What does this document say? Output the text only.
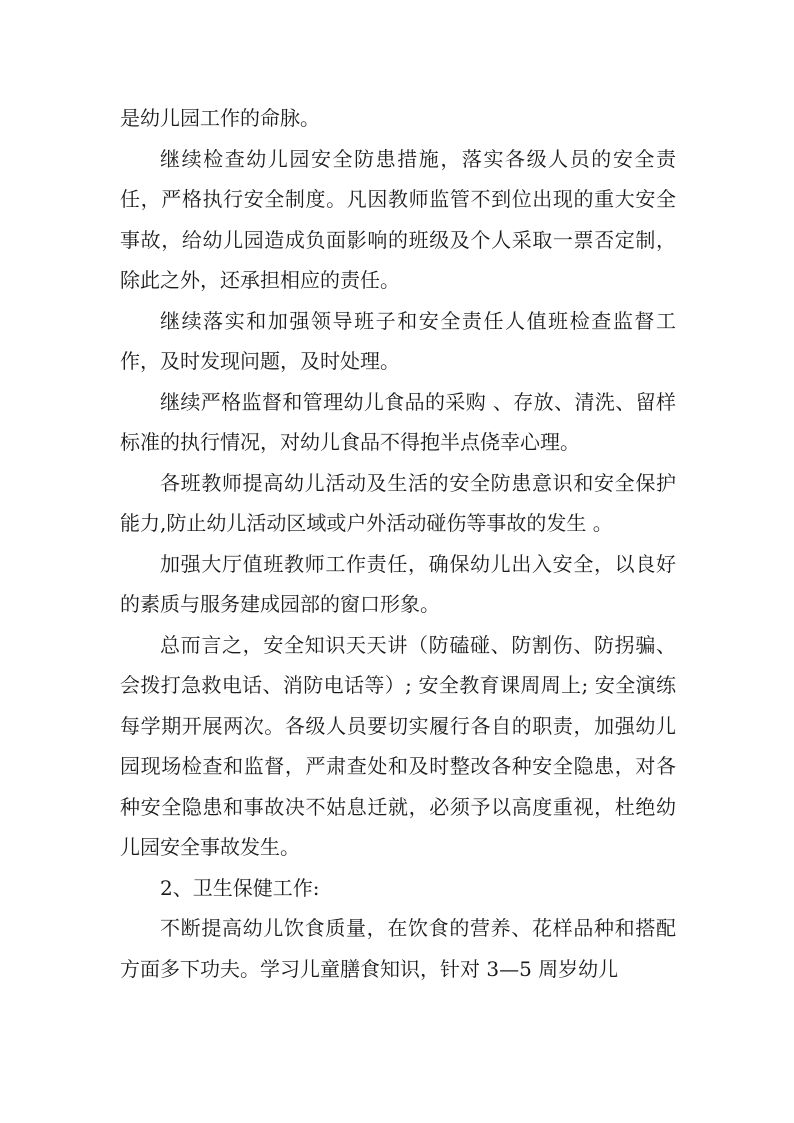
是幼儿园工作的命脉。

继续检查幼儿园安全防患措施，落实各级人员的安全责任，严格执行安全制度。凡因教师监管不到位出现的重大安全事故，给幼儿园造成负面影响的班级及个人采取一票否定制，除此之外，还承担相应的责任。

继续落实和加强领导班子和安全责任人值班检查监督工作，及时发现问题，及时处理。

继续严格监督和管理幼儿食品的采购 、存放、清洗、留样标准的执行情况，对幼儿食品不得抱半点侥幸心理。

各班教师提高幼儿活动及生活的安全防患意识和安全保护能力,防止幼儿活动区域或户外活动碰伤等事故的发生 。

加强大厅值班教师工作责任，确保幼儿出入安全，以良好的素质与服务建成园部的窗口形象。

总而言之，安全知识天天讲（防磕碰、防割伤、防拐骗、会拨打急救电话、消防电话等）; 安全教育课周周上; 安全演练每学期开展两次。各级人员要切实履行各自的职责，加强幼儿园现场检查和监督，严肃查处和及时整改各种安全隐患，对各种安全隐患和事故决不姑息迁就，必须予以高度重视，杜绝幼儿园安全事故发生。

2、卫生保健工作:

不断提高幼儿饮食质量，在饮食的营养、花样品种和搭配方面多下功夫。学习儿童膳食知识，针对 3—5 周岁幼儿
